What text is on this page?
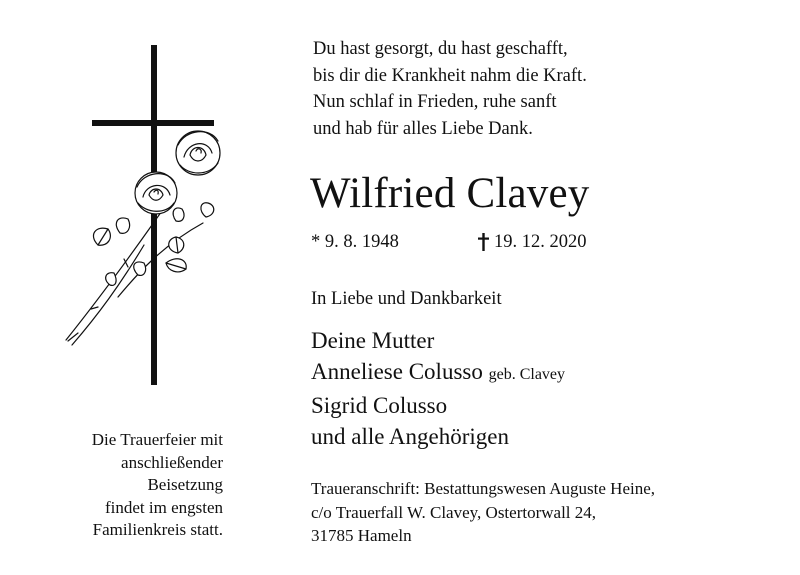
Du hast gesorgt, du hast geschafft,
bis dir die Krankheit nahm die Kraft.
Nun schlaf in Frieden, ruhe sanft
und hab für alles Liebe Dank.
Wilfried Clavey
* 9. 8. 1948	19. 12. 2020
In Liebe und Dankbarkeit
Deine Mutter
Anneliese Colusso geb. Clavey
Sigrid Colusso
und alle Angehörigen
Die Trauerfeier mit
anschließender
Beisetzung
findet im engsten
Familienkreis statt.
Traueranschrift: Bestattungswesen Auguste Heine,
c/o Trauerfall W. Clavey, Ostertorwall 24,
31785 Hameln
